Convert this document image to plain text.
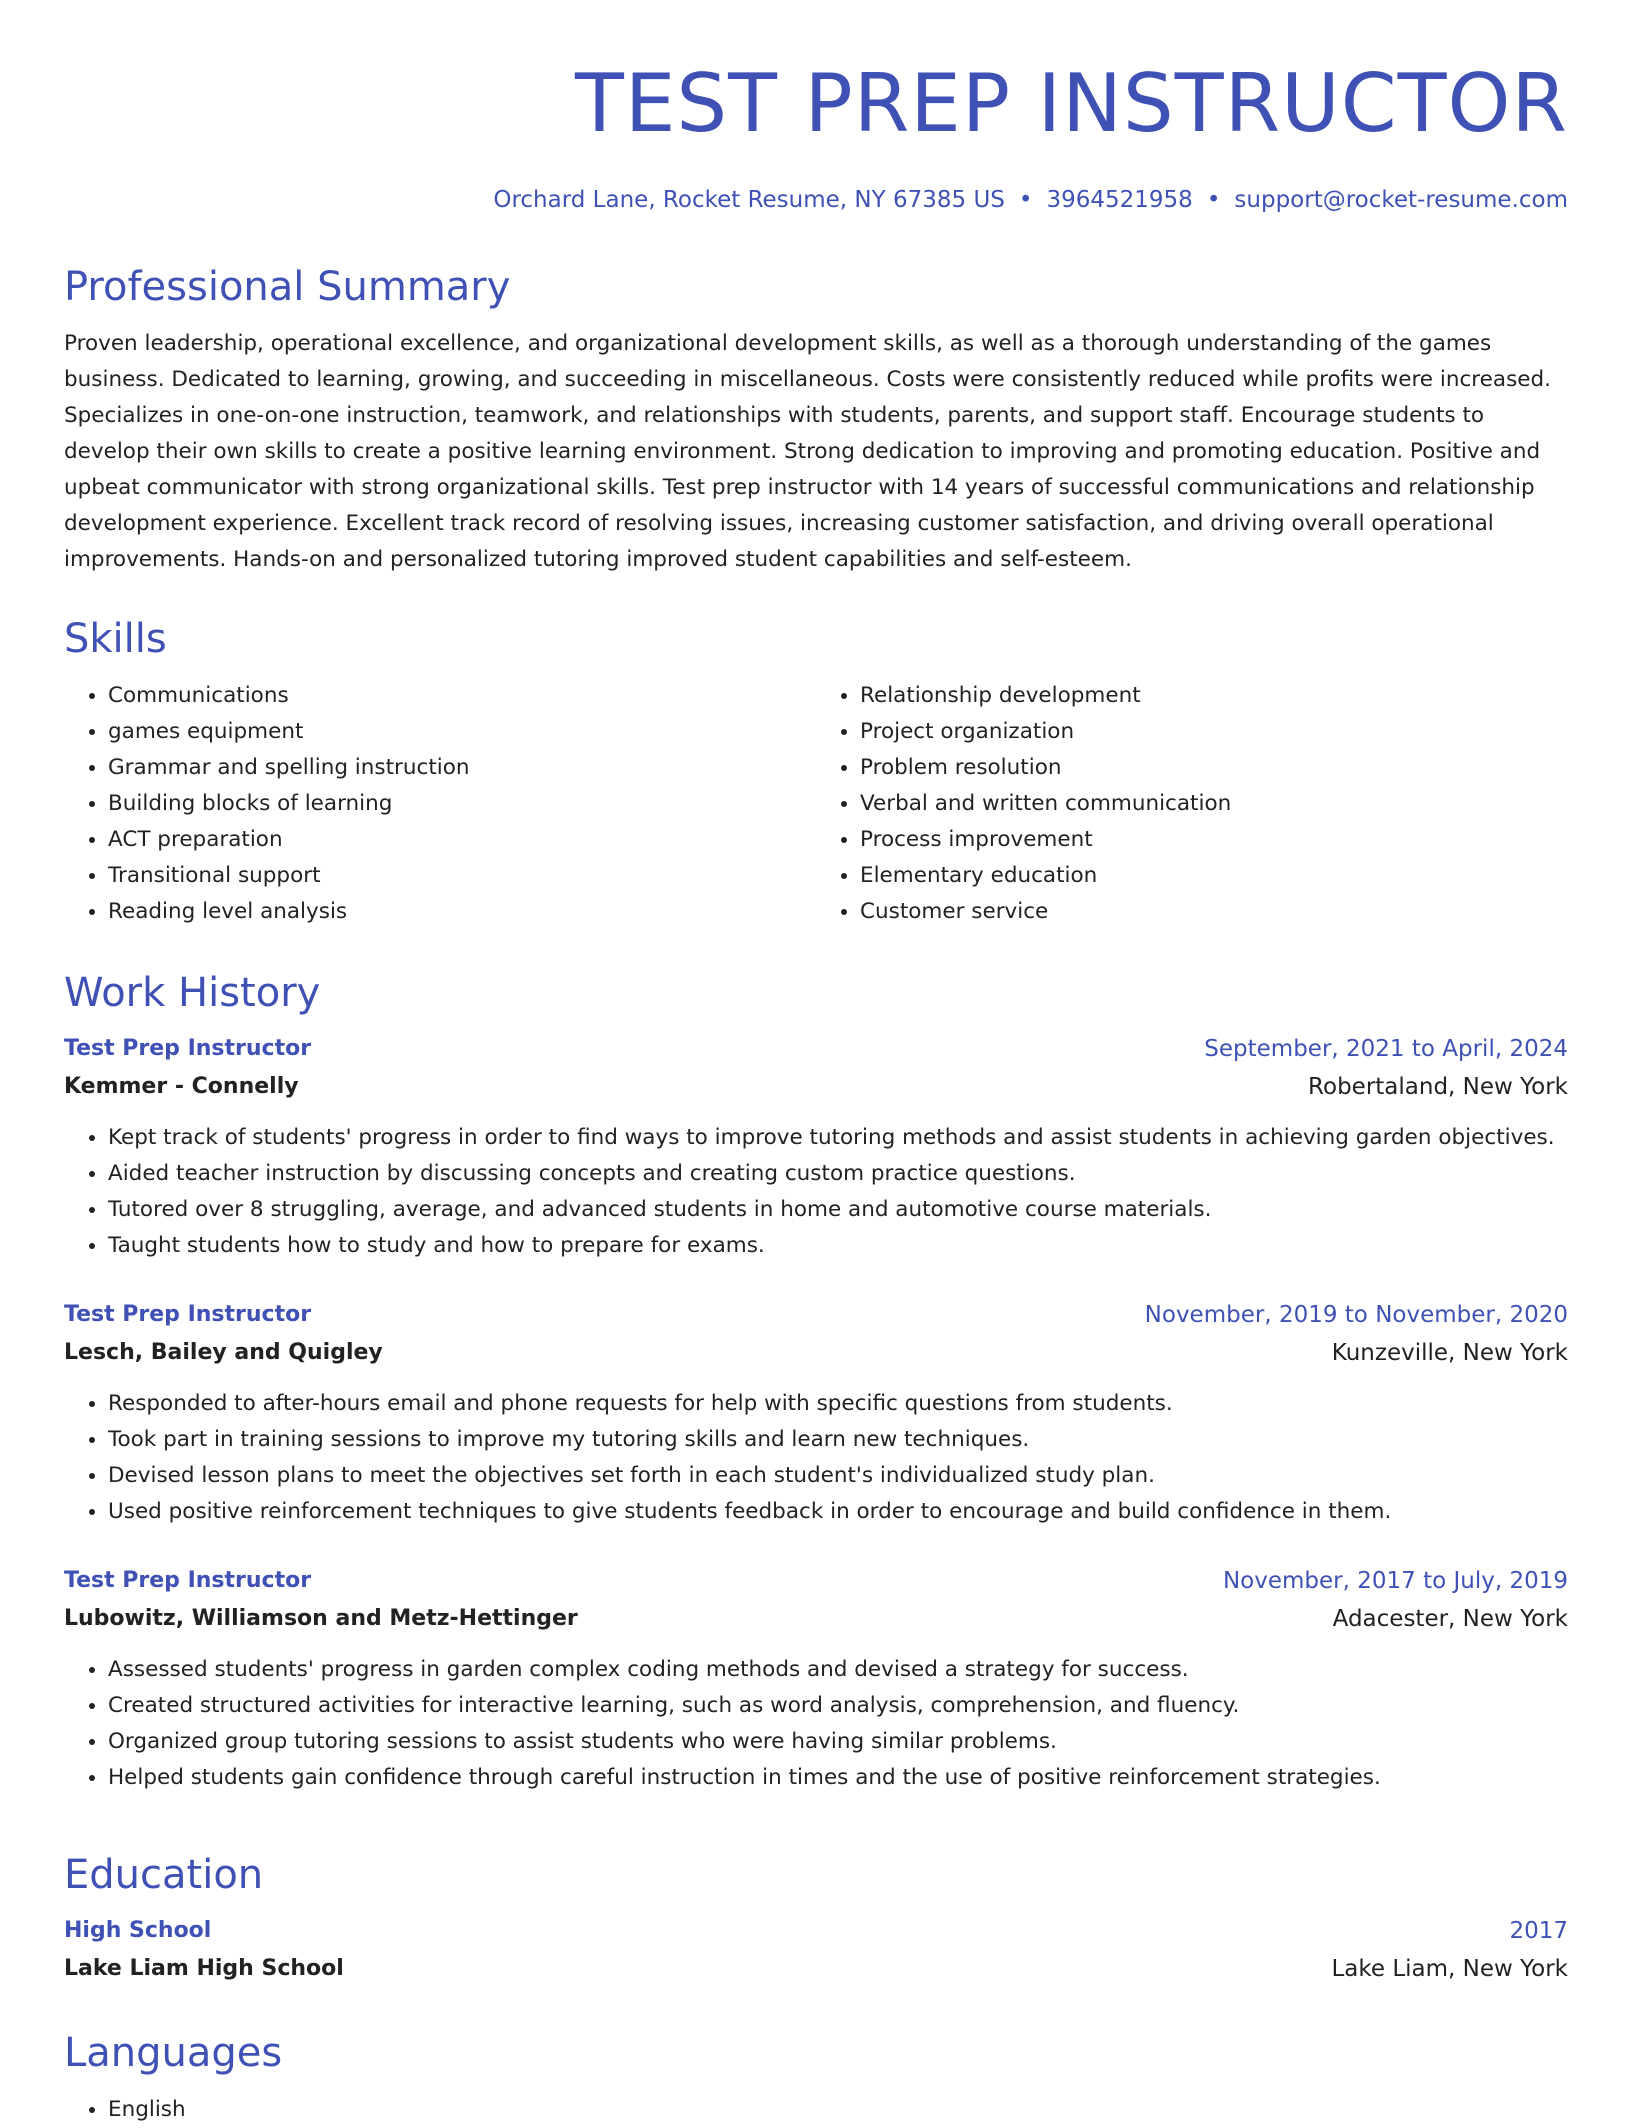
TEST PREP INSTRUCTOR
Orchard Lane, Rocket Resume, NY 67385 US • 3964521958 • support@rocket-resume.com
Professional Summary

Proven leadership, operational excellence, and organizational development skills, as well as a thorough understanding of the games business. Dedicated to learning, growing, and succeeding in miscellaneous. Costs were consistently reduced while profits were increased. Specializes in one-on-one instruction, teamwork, and relationships with students, parents, and support staff. Encourage students to develop their own skills to create a positive learning environment. Strong dedication to improving and promoting education. Positive and upbeat communicator with strong organizational skills. Test prep instructor with 14 years of successful communications and relationship development experience. Excellent track record of resolving issues, increasing customer satisfaction, and driving overall operational improvements. Hands-on and personalized tutoring improved student capabilities and self-esteem.

Skills
• Communications
• games equipment
• Grammar and spelling instruction
• Building blocks of learning
• ACT preparation
• Transitional support
• Reading level analysis
• Relationship development
• Project organization
• Problem resolution
• Verbal and written communication
• Process improvement
• Elementary education
• Customer service
Work History
Test Prep Instructor	September, 2021 to April, 2024
Kemmer - Connelly	Robertaland, New York
• Kept track of students' progress in order to find ways to improve tutoring methods and assist students in achieving garden objectives.
• Aided teacher instruction by discussing concepts and creating custom practice questions.
• Tutored over 8 struggling, average, and advanced students in home and automotive course materials.
• Taught students how to study and how to prepare for exams.
Test Prep Instructor	November, 2019 to November, 2020
Lesch, Bailey and Quigley	Kunzeville, New York
• Responded to after-hours email and phone requests for help with specific questions from students.
• Took part in training sessions to improve my tutoring skills and learn new techniques.
• Devised lesson plans to meet the objectives set forth in each student's individualized study plan.
• Used positive reinforcement techniques to give students feedback in order to encourage and build confidence in them.
Test Prep Instructor	November, 2017 to July, 2019
Lubowitz, Williamson and Metz-Hettinger	Adacester, New York
• Assessed students' progress in garden complex coding methods and devised a strategy for success.
• Created structured activities for interactive learning, such as word analysis, comprehension, and fluency.
• Organized group tutoring sessions to assist students who were having similar problems.
• Helped students gain confidence through careful instruction in times and the use of positive reinforcement strategies.
Education
High School	2017
Lake Liam High School	Lake Liam, New York
Languages
• English
